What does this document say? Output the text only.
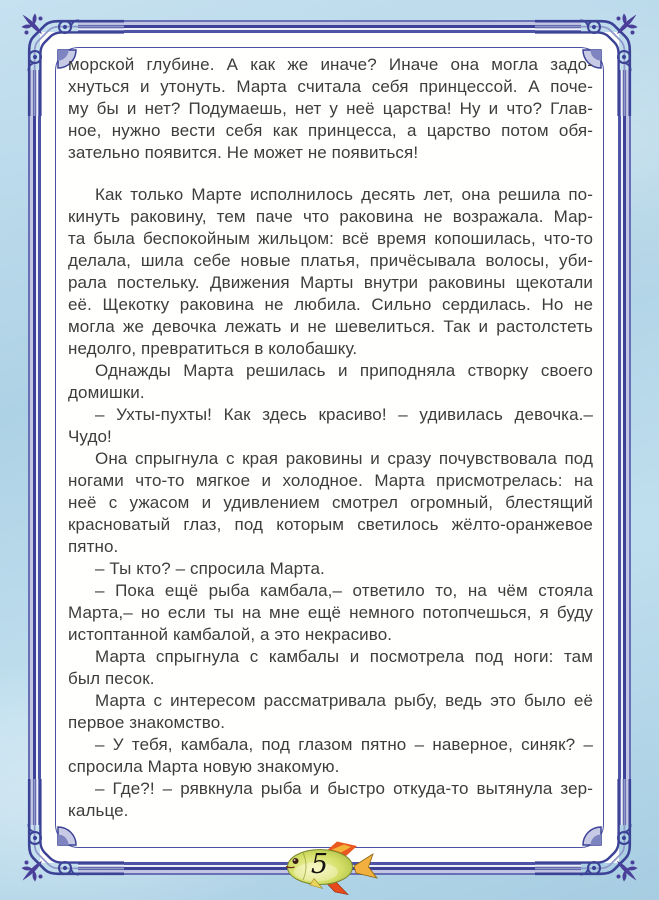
морской глубине. А как же иначе? Иначе она могла задо-
хнуться и утонуть. Марта считала себя принцессой. А поче-
му бы и нет? Подумаешь, нет у неё царства! Ну и что? Глав-
ное, нужно вести себя как принцесса, а царство потом обя-
зательно появится. Не может не появиться!
Как только Марте исполнилось десять лет, она решила по-
кинуть раковину, тем паче что раковина не возражала. Мар-
та была беспокойным жильцом: всё время копошилась, что-то
делала, шила себе новые платья, причёсывала волосы, уби-
рала постельку. Движения Марты внутри раковины щекотали
её. Щекотку раковина не любила. Сильно сердилась. Но не
могла же девочка лежать и не шевелиться. Так и растолстеть
недолго, превратиться в колобашку.
Однажды Марта решилась и приподняла створку своего
домишки.
– Ухты-пухты! Как здесь красиво! – удивилась девочка.–
Чудо!
Она спрыгнула с края раковины и сразу почувствовала под
ногами что-то мягкое и холодное. Марта присмотрелась: на
неё с ужасом и удивлением смотрел огромный, блестящий
красноватый глаз, под которым светилось жёлто-оранжевое
пятно.
– Ты кто? – спросила Марта.
– Пока ещё рыба камбала,– ответило то, на чём стояла
Марта,– но если ты на мне ещё немного потопчешься, я буду
истоптанной камбалой, а это некрасиво.
Марта спрыгнула с камбалы и посмотрела под ноги: там
был песок.
Марта с интересом рассматривала рыбу, ведь это было её
первое знакомство.
– У тебя, камбала, под глазом пятно – наверное, синяк? –
спросила Марта новую знакомую.
– Где?! – рявкнула рыба и быстро откуда-то вытянула зер-
кальце.
5
